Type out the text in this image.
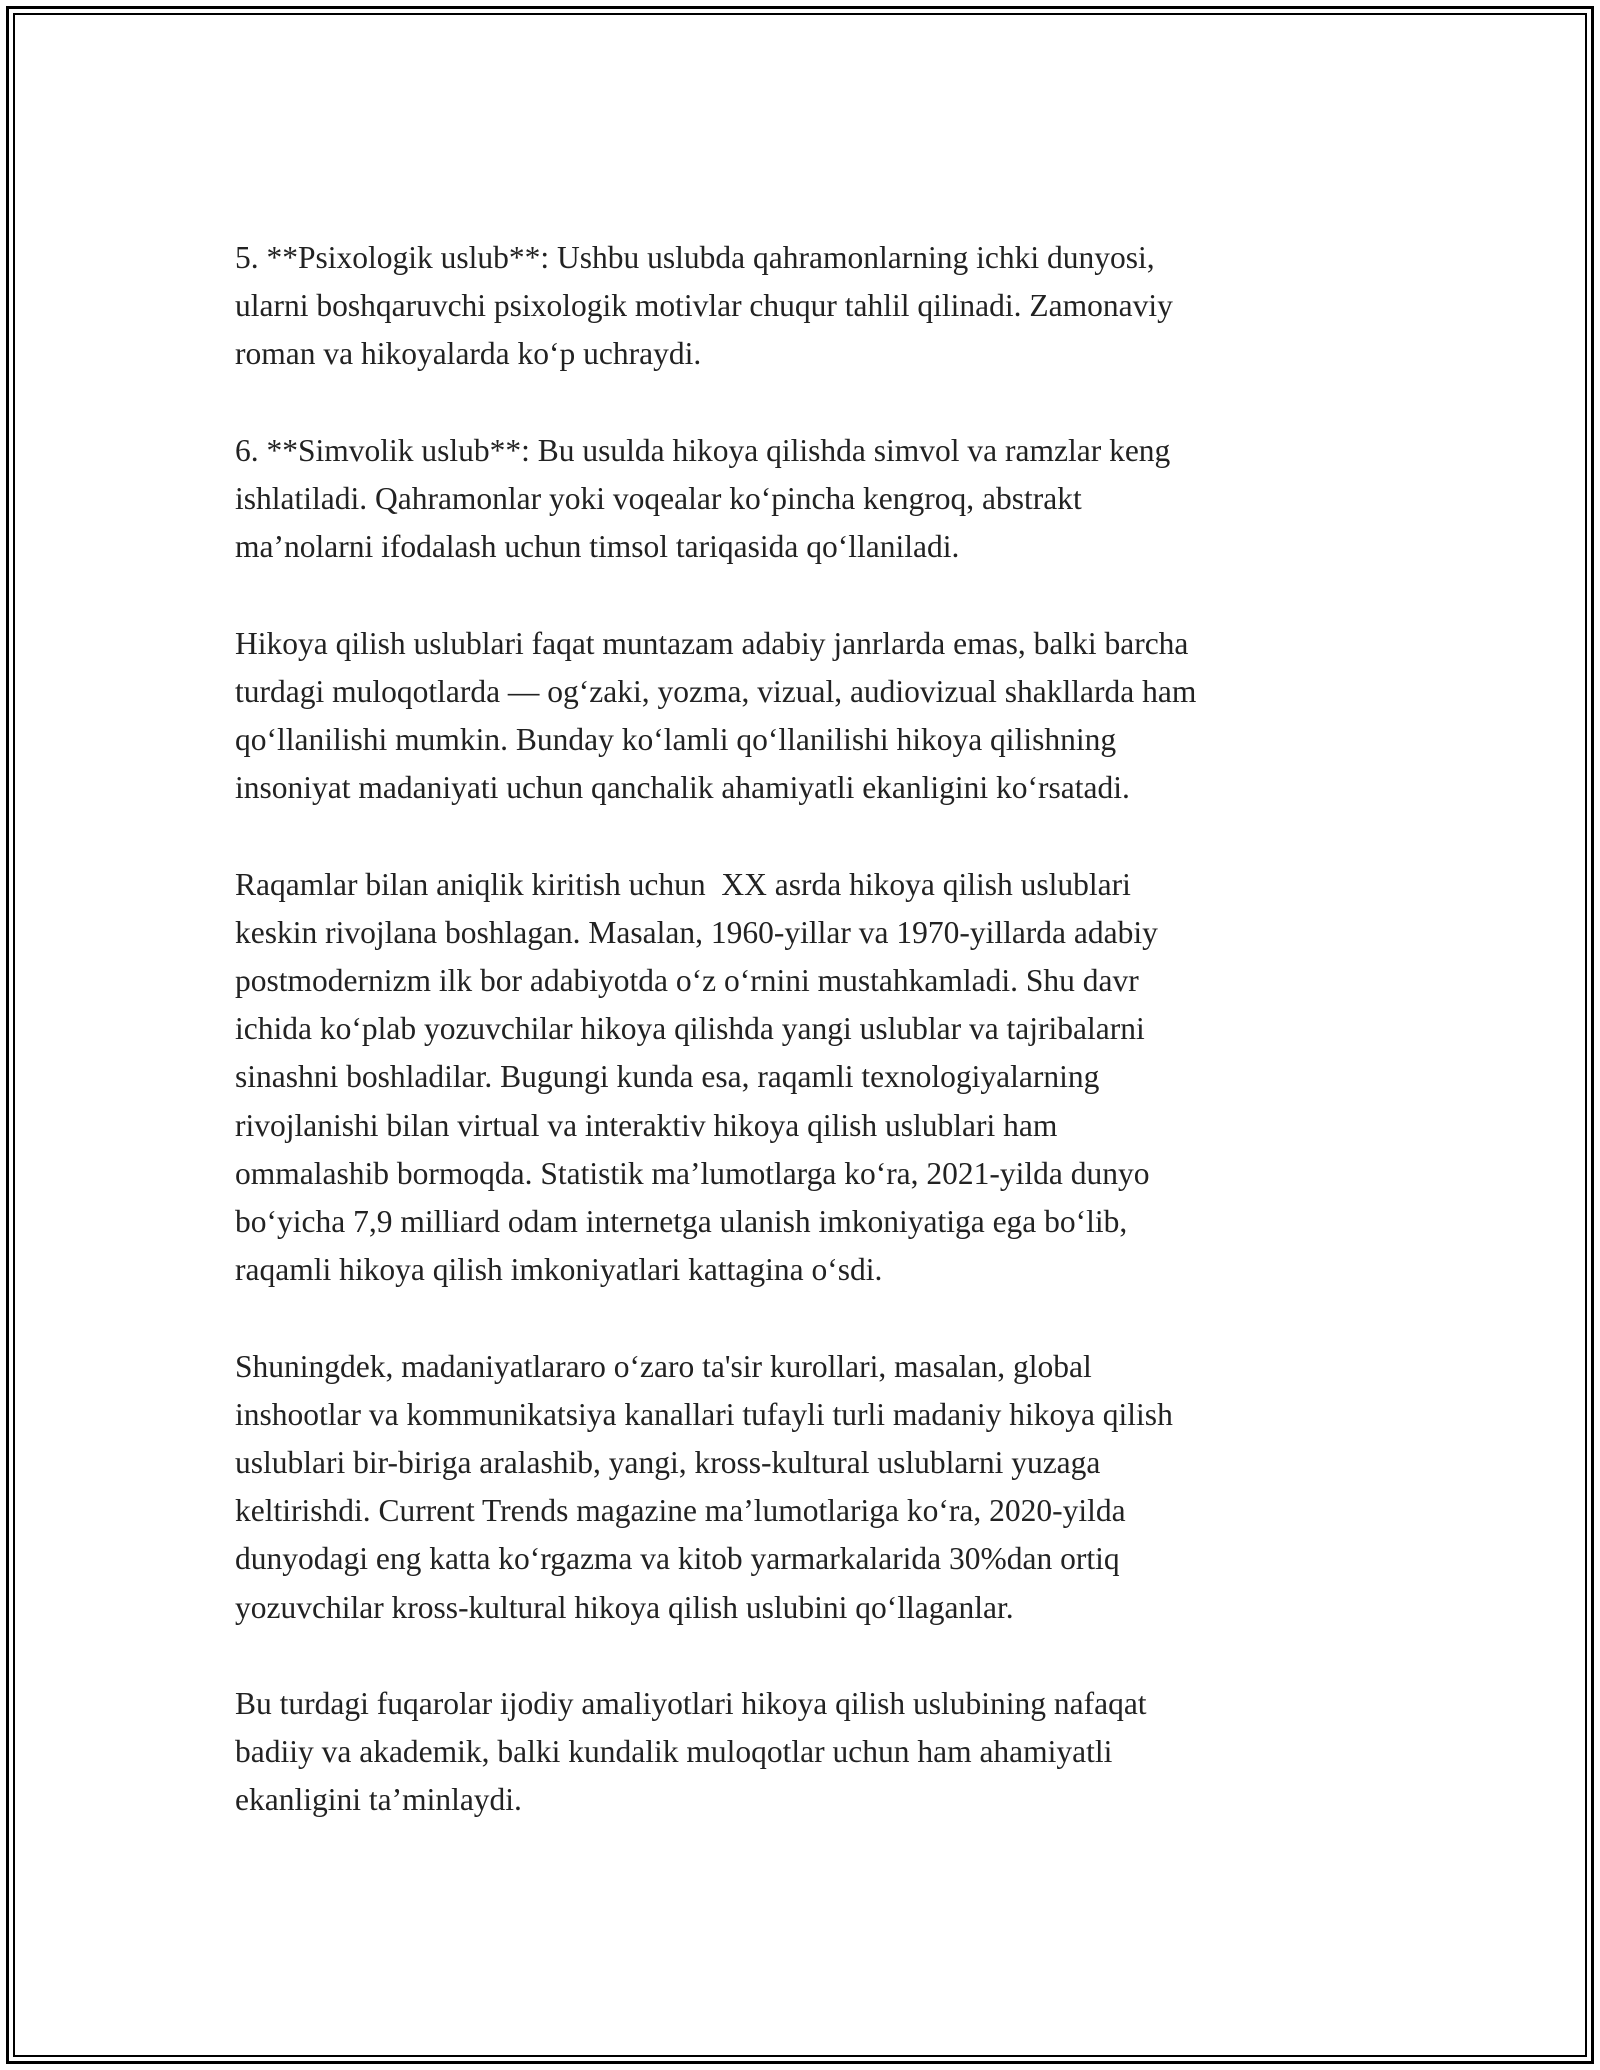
5. **Psixologik uslub**: Ushbu uslubda qahramonlarning ichki dunyosi,
ularni boshqaruvchi psixologik motivlar chuqur tahlil qilinadi. Zamonaviy
roman va hikoyalarda ko‘p uchraydi.

6. **Simvolik uslub**: Bu usulda hikoya qilishda simvol va ramzlar keng
ishlatiladi. Qahramonlar yoki voqealar ko‘pincha kengroq, abstrakt
ma’nolarni ifodalash uchun timsol tariqasida qo‘llaniladi.

Hikoya qilish uslublari faqat muntazam adabiy janrlarda emas, balki barcha
turdagi muloqotlarda — og‘zaki, yozma, vizual, audiovizual shakllarda ham
qo‘llanilishi mumkin. Bunday ko‘lamli qo‘llanilishi hikoya qilishning
insoniyat madaniyati uchun qanchalik ahamiyatli ekanligini ko‘rsatadi.

Raqamlar bilan aniqlik kiritish uchun  XX asrda hikoya qilish uslublari
keskin rivojlana boshlagan. Masalan, 1960-yillar va 1970-yillarda adabiy
postmodernizm ilk bor adabiyotda o‘z o‘rnini mustahkamladi. Shu davr
ichida ko‘plab yozuvchilar hikoya qilishda yangi uslublar va tajribalarni
sinashni boshladilar. Bugungi kunda esa, raqamli texnologiyalarning
rivojlanishi bilan virtual va interaktiv hikoya qilish uslublari ham
ommalashib bormoqda. Statistik ma’lumotlarga ko‘ra, 2021-yilda dunyo
bo‘yicha 7,9 milliard odam internetga ulanish imkoniyatiga ega bo‘lib,
raqamli hikoya qilish imkoniyatlari kattagina o‘sdi.

Shuningdek, madaniyatlararo o‘zaro ta'sir kurollari, masalan, global
inshootlar va kommunikatsiya kanallari tufayli turli madaniy hikoya qilish
uslublari bir-biriga aralashib, yangi, kross-kultural uslublarni yuzaga
keltirishdi. Current Trends magazine ma’lumotlariga ko‘ra, 2020-yilda
dunyodagi eng katta ko‘rgazma va kitob yarmarkalarida 30%dan ortiq
yozuvchilar kross-kultural hikoya qilish uslubini qo‘llaganlar.

Bu turdagi fuqarolar ijodiy amaliyotlari hikoya qilish uslubining nafaqat
badiiy va akademik, balki kundalik muloqotlar uchun ham ahamiyatli
ekanligini ta’minlaydi.
